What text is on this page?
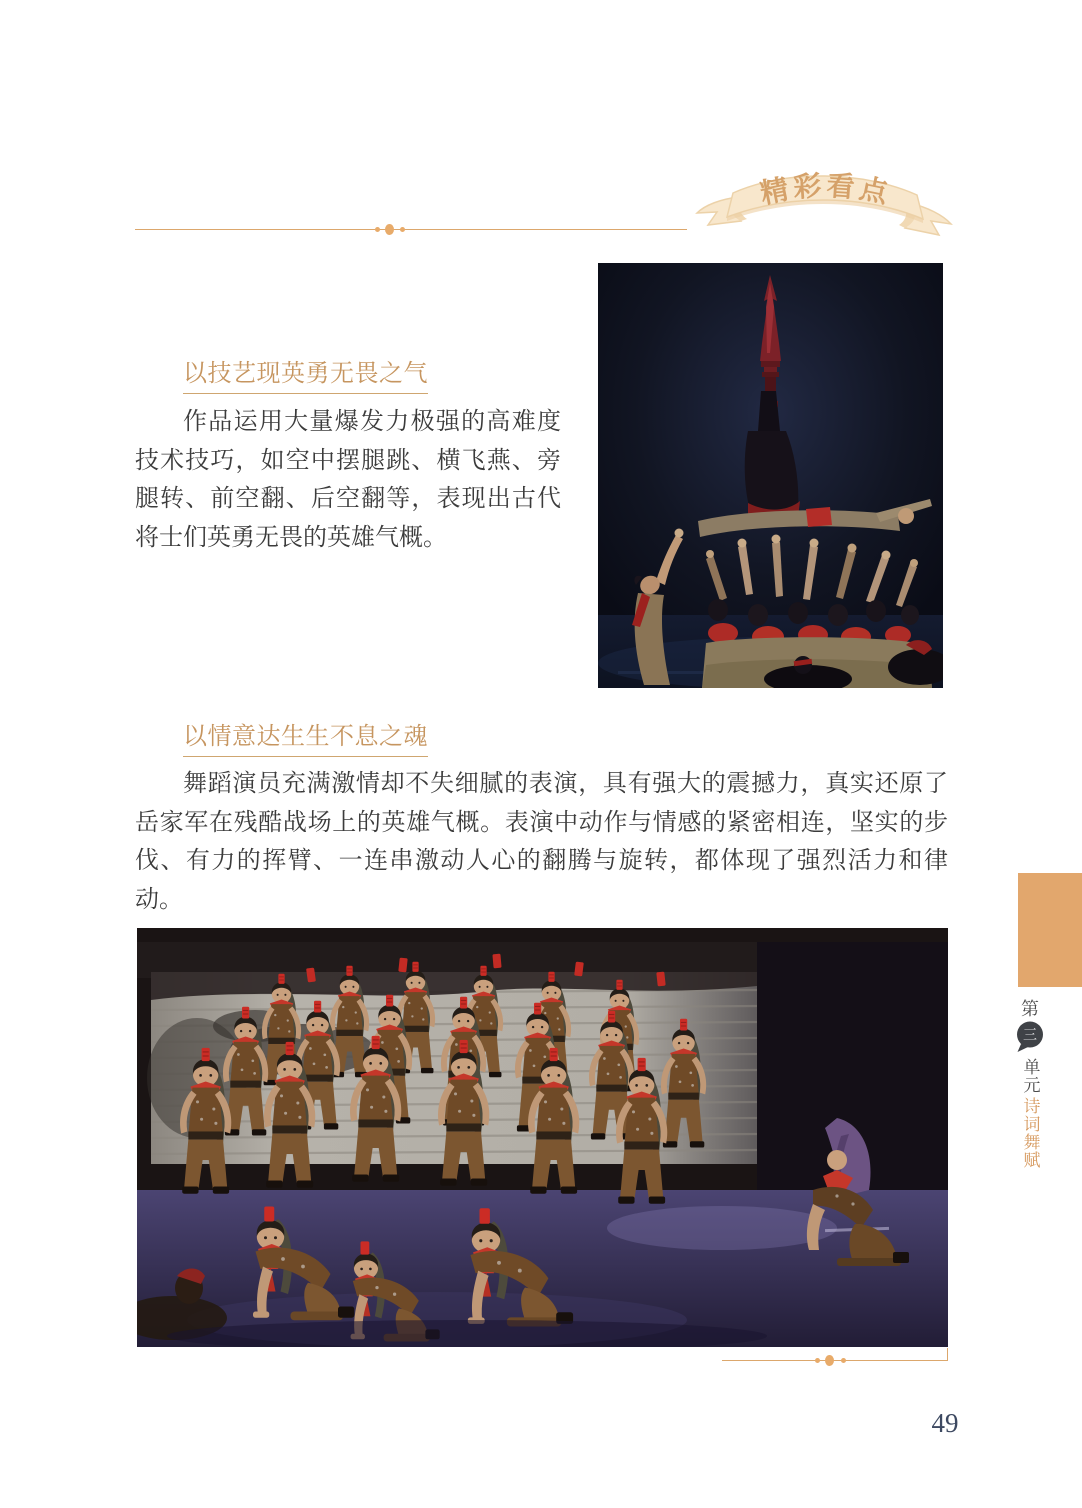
精彩看点
以技艺现英勇无畏之气

作品运用大量爆发力极强的高难度技术技巧，如空中摆腿跳、横飞燕、旁腿转、前空翻、后空翻等，表现出古代将士们英勇无畏的英雄气概。

以情意达生生不息之魂

舞蹈演员充满激情却不失细腻的表演，具有强大的震撼力，真实还原了岳家军在残酷战场上的英雄气概。表演中动作与情感的紧密相连，坚实的步伐、有力的挥臂、一连串激动人心的翻腾与旋转，都体现了强烈活力和律动。

第
三
单元
诗词舞赋
49
